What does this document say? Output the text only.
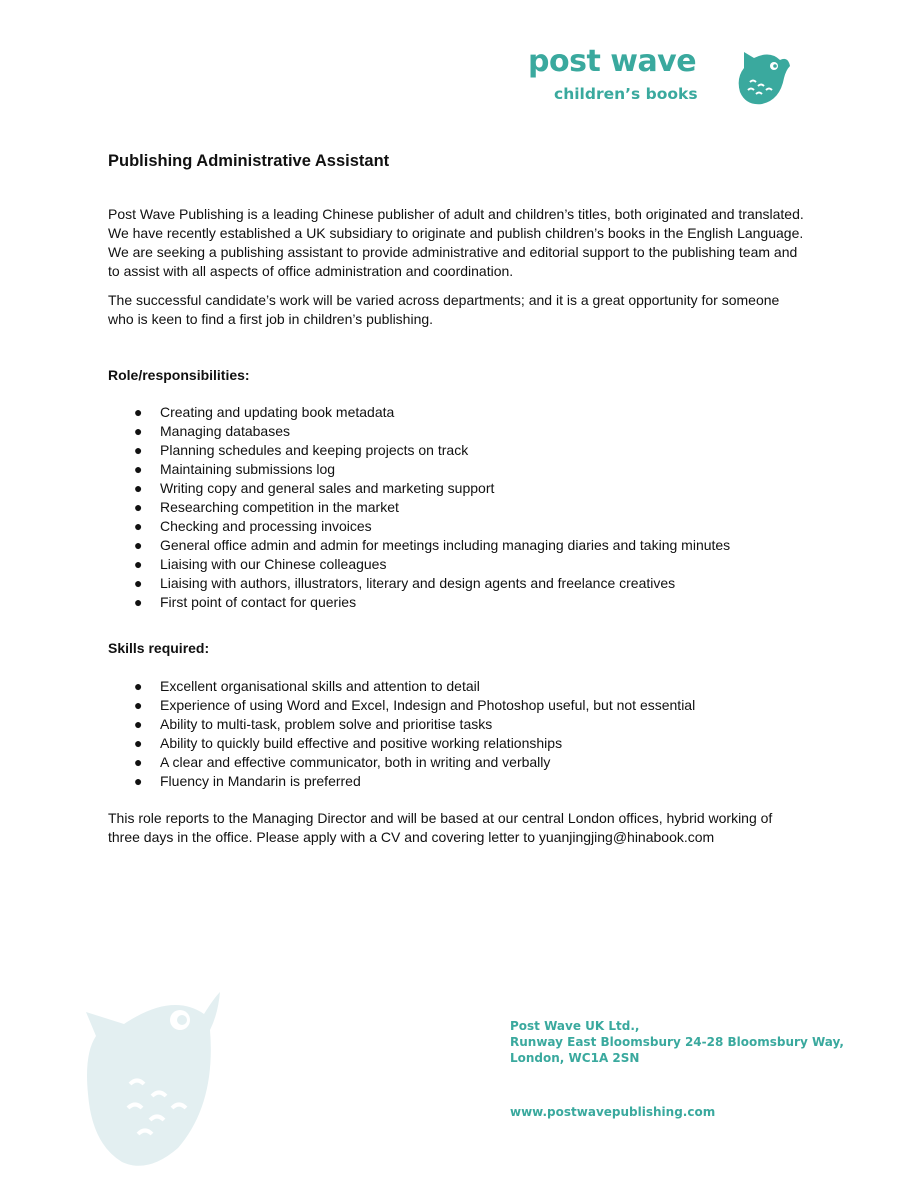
post wave
children’s books
Publishing Administrative Assistant

Post Wave Publishing is a leading Chinese publisher of adult and children’s titles, both originated and translated. We have recently established a UK subsidiary to originate and publish children’s books in the English Language. We are seeking a publishing assistant to provide administrative and editorial support to the publishing team and to assist with all aspects of office administration and coordination.

The successful candidate’s work will be varied across departments; and it is a great opportunity for someone who is keen to find a first job in children’s publishing.

Role/responsibilities:
● Creating and updating book metadata
● Managing databases
● Planning schedules and keeping projects on track
● Maintaining submissions log
● Writing copy and general sales and marketing support
● Researching competition in the market
● Checking and processing invoices
● General office admin and admin for meetings including managing diaries and taking minutes
● Liaising with our Chinese colleagues
● Liaising with authors, illustrators, literary and design agents and freelance creatives
● First point of contact for queries
Skills required:
● Excellent organisational skills and attention to detail
● Experience of using Word and Excel, Indesign and Photoshop useful, but not essential
● Ability to multi-task, problem solve and prioritise tasks
● Ability to quickly build effective and positive working relationships
● A clear and effective communicator, both in writing and verbally
● Fluency in Mandarin is preferred

This role reports to the Managing Director and will be based at our central London offices, hybrid working of three days in the office. Please apply with a CV and covering letter to yuanjingjing@hinabook.com

Post Wave UK Ltd.,
Runway East Bloomsbury 24-28 Bloomsbury Way,
London, WC1A 2SN
www.postwavepublishing.com
